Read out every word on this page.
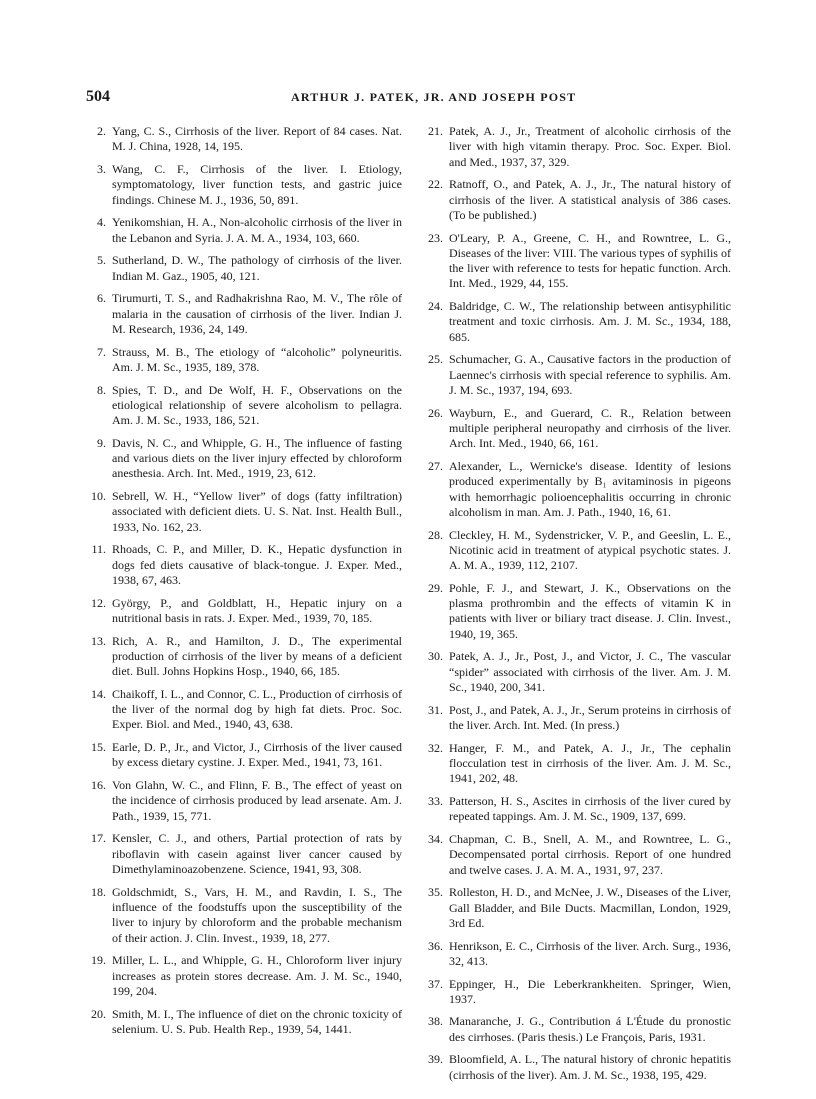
504	ARTHUR J. PATEK, JR. AND JOSEPH POST
2. Yang, C. S., Cirrhosis of the liver. Report of 84 cases. Nat. M. J. China, 1928, 14, 195.
3. Wang, C. F., Cirrhosis of the liver. I. Etiology, symptomatology, liver function tests, and gastric juice findings. Chinese M. J., 1936, 50, 891.
4. Yenikomshian, H. A., Non-alcoholic cirrhosis of the liver in the Lebanon and Syria. J. A. M. A., 1934, 103, 660.
5. Sutherland, D. W., The pathology of cirrhosis of the liver. Indian M. Gaz., 1905, 40, 121.
6. Tirumurti, T. S., and Radhakrishna Rao, M. V., The rôle of malaria in the causation of cirrhosis of the liver. Indian J. M. Research, 1936, 24, 149.
7. Strauss, M. B., The etiology of “alcoholic” polyneuritis. Am. J. M. Sc., 1935, 189, 378.
8. Spies, T. D., and De Wolf, H. F., Observations on the etiological relationship of severe alcoholism to pellagra. Am. J. M. Sc., 1933, 186, 521.
9. Davis, N. C., and Whipple, G. H., The influence of fasting and various diets on the liver injury effected by chloroform anesthesia. Arch. Int. Med., 1919, 23, 612.
10. Sebrell, W. H., “Yellow liver” of dogs (fatty infiltration) associated with deficient diets. U. S. Nat. Inst. Health Bull., 1933, No. 162, 23.
11. Rhoads, C. P., and Miller, D. K., Hepatic dysfunction in dogs fed diets causative of black-tongue. J. Exper. Med., 1938, 67, 463.
12. György, P., and Goldblatt, H., Hepatic injury on a nutritional basis in rats. J. Exper. Med., 1939, 70, 185.
13. Rich, A. R., and Hamilton, J. D., The experimental production of cirrhosis of the liver by means of a deficient diet. Bull. Johns Hopkins Hosp., 1940, 66, 185.
14. Chaikoff, I. L., and Connor, C. L., Production of cirrhosis of the liver of the normal dog by high fat diets. Proc. Soc. Exper. Biol. and Med., 1940, 43, 638.
15. Earle, D. P., Jr., and Victor, J., Cirrhosis of the liver caused by excess dietary cystine. J. Exper. Med., 1941, 73, 161.
16. Von Glahn, W. C., and Flinn, F. B., The effect of yeast on the incidence of cirrhosis produced by lead arsenate. Am. J. Path., 1939, 15, 771.
17. Kensler, C. J., and others, Partial protection of rats by riboflavin with casein against liver cancer caused by Dimethylaminoazobenzene. Science, 1941, 93, 308.
18. Goldschmidt, S., Vars, H. M., and Ravdin, I. S., The influence of the foodstuffs upon the susceptibility of the liver to injury by chloroform and the probable mechanism of their action. J. Clin. Invest., 1939, 18, 277.
19. Miller, L. L., and Whipple, G. H., Chloroform liver injury increases as protein stores decrease. Am. J. M. Sc., 1940, 199, 204.
20. Smith, M. I., The influence of diet on the chronic toxicity of selenium. U. S. Pub. Health Rep., 1939, 54, 1441.
21. Patek, A. J., Jr., Treatment of alcoholic cirrhosis of the liver with high vitamin therapy. Proc. Soc. Exper. Biol. and Med., 1937, 37, 329.
22. Ratnoff, O., and Patek, A. J., Jr., The natural history of cirrhosis of the liver. A statistical analysis of 386 cases. (To be published.)
23. O'Leary, P. A., Greene, C. H., and Rowntree, L. G., Diseases of the liver: VIII. The various types of syphilis of the liver with reference to tests for hepatic function. Arch. Int. Med., 1929, 44, 155.
24. Baldridge, C. W., The relationship between antisyphilitic treatment and toxic cirrhosis. Am. J. M. Sc., 1934, 188, 685.
25. Schumacher, G. A., Causative factors in the production of Laennec's cirrhosis with special reference to syphilis. Am. J. M. Sc., 1937, 194, 693.
26. Wayburn, E., and Guerard, C. R., Relation between multiple peripheral neuropathy and cirrhosis of the liver. Arch. Int. Med., 1940, 66, 161.
27. Alexander, L., Wernicke's disease. Identity of lesions produced experimentally by B₁ avitaminosis in pigeons with hemorrhagic polioencephalitis occurring in chronic alcoholism in man. Am. J. Path., 1940, 16, 61.
28. Cleckley, H. M., Sydenstricker, V. P., and Geeslin, L. E., Nicotinic acid in treatment of atypical psychotic states. J. A. M. A., 1939, 112, 2107.
29. Pohle, F. J., and Stewart, J. K., Observations on the plasma prothrombin and the effects of vitamin K in patients with liver or biliary tract disease. J. Clin. Invest., 1940, 19, 365.
30. Patek, A. J., Jr., Post, J., and Victor, J. C., The vascular “spider” associated with cirrhosis of the liver. Am. J. M. Sc., 1940, 200, 341.
31. Post, J., and Patek, A. J., Jr., Serum proteins in cirrhosis of the liver. Arch. Int. Med. (In press.)
32. Hanger, F. M., and Patek, A. J., Jr., The cephalin flocculation test in cirrhosis of the liver. Am. J. M. Sc., 1941, 202, 48.
33. Patterson, H. S., Ascites in cirrhosis of the liver cured by repeated tappings. Am. J. M. Sc., 1909, 137, 699.
34. Chapman, C. B., Snell, A. M., and Rowntree, L. G., Decompensated portal cirrhosis. Report of one hundred and twelve cases. J. A. M. A., 1931, 97, 237.
35. Rolleston, H. D., and McNee, J. W., Diseases of the Liver, Gall Bladder, and Bile Ducts. Macmillan, London, 1929, 3rd Ed.
36. Henrikson, E. C., Cirrhosis of the liver. Arch. Surg., 1936, 32, 413.
37. Eppinger, H., Die Leberkrankheiten. Springer, Wien, 1937.
38. Manaranche, J. G., Contribution á L'Étude du pronostic des cirrhoses. (Paris thesis.) Le François, Paris, 1931.
39. Bloomfield, A. L., The natural history of chronic hepatitis (cirrhosis of the liver). Am. J. M. Sc., 1938, 195, 429.
